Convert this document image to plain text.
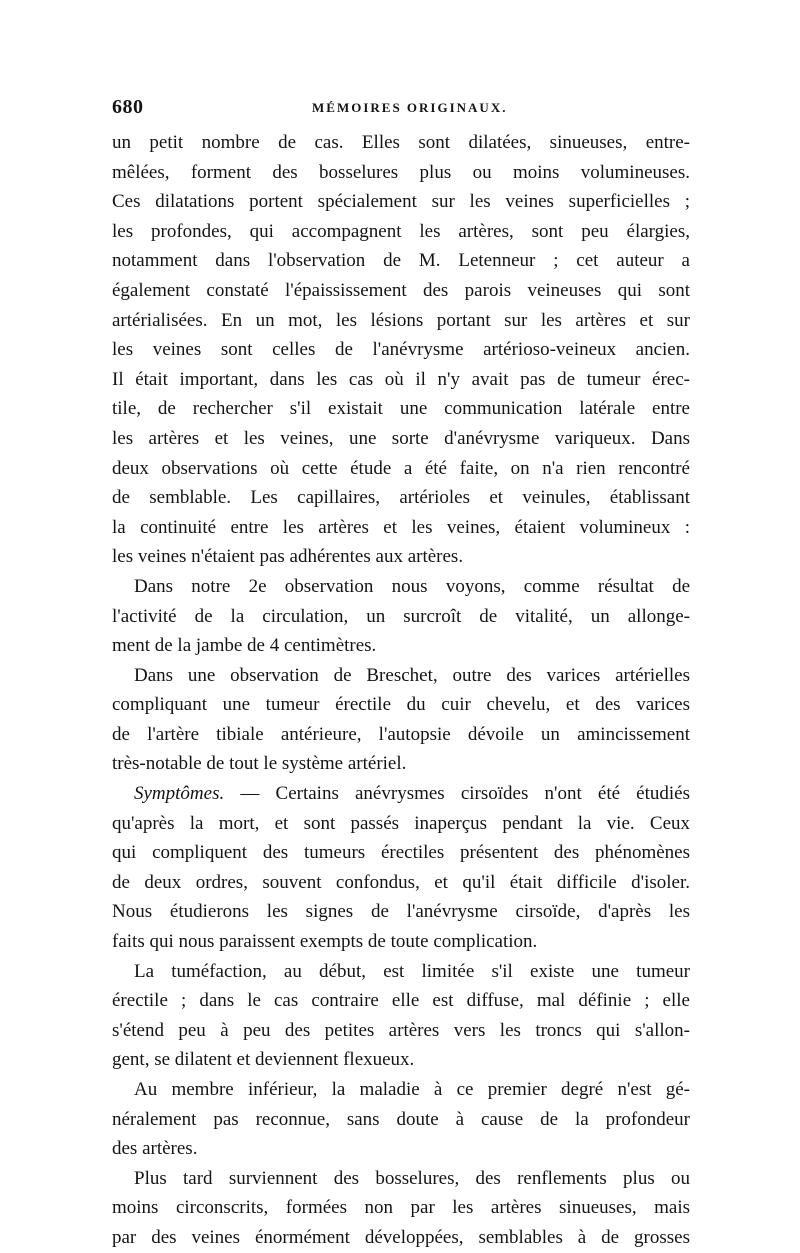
680	MÉMOIRES ORIGINAUX.
un petit nombre de cas. Elles sont dilatées, sinueuses, entre-
mêlées, forment des bosselures plus ou moins volumineuses.
Ces dilatations portent spécialement sur les veines superficielles ;
les profondes, qui accompagnent les artères, sont peu élargies,
notamment dans l'observation de M. Letenneur ; cet auteur a
également constaté l'épaississement des parois veineuses qui sont
artérialisées. En un mot, les lésions portant sur les artères et sur
les veines sont celles de l'anévrysme artérioso-veineux ancien.
Il était important, dans les cas où il n'y avait pas de tumeur érec-
tile, de rechercher s'il existait une communication latérale entre
les artères et les veines, une sorte d'anévrysme variqueux. Dans
deux observations où cette étude a été faite, on n'a rien rencontré
de semblable. Les capillaires, artérioles et veinules, établissant
la continuité entre les artères et les veines, étaient volumineux :
les veines n'étaient pas adhérentes aux artères.
Dans notre 2e observation nous voyons, comme résultat de
l'activité de la circulation, un surcroît de vitalité, un allonge-
ment de la jambe de 4 centimètres.
Dans une observation de Breschet, outre des varices artérielles
compliquant une tumeur érectile du cuir chevelu, et des varices
de l'artère tibiale antérieure, l'autopsie dévoile un amincissement
très-notable de tout le système artériel.
Symptômes. — Certains anévrysmes cirsoïdes n'ont été étudiés
qu'après la mort, et sont passés inaperçus pendant la vie. Ceux
qui compliquent des tumeurs érectiles présentent des phénomènes
de deux ordres, souvent confondus, et qu'il était difficile d'isoler.
Nous étudierons les signes de l'anévrysme cirsoïde, d'après les
faits qui nous paraissent exempts de toute complication.
La tuméfaction, au début, est limitée s'il existe une tumeur
érectile ; dans le cas contraire elle est diffuse, mal définie ; elle
s'étend peu à peu des petites artères vers les troncs qui s'allon-
gent, se dilatent et deviennent flexueux.
Au membre inférieur, la maladie à ce premier degré n'est gé-
néralement pas reconnue, sans doute à cause de la profondeur
des artères.
Plus tard surviennent des bosselures, des renflements plus ou
moins circonscrits, formées non par les artères sinueuses, mais
par des veines énormément développées, semblables à de grosses
